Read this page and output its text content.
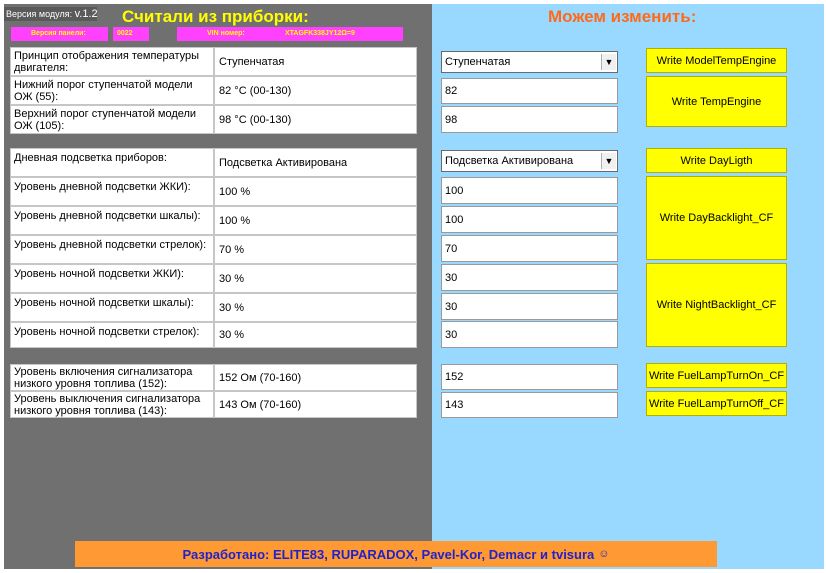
Версия модуля: v.1.2 Считали из приборки:	Можем изменить:
Версия панели:	0022	VIN номер:	XTAGFK338JY12Ω=9
Принцип отображения температуры двигателя:	Ступенчатая
Нижний порог ступенчатой модели ОЖ (55):	82 °C (00-130)
Верхний порог ступенчатой модели ОЖ (105):	98 °C (00-130)
Дневная подсветка приборов:	Подсветка Активирована
Уровень дневной подсветки ЖКИ):	100 %
Уровень дневной подсветки шкалы):	100 %
Уровень дневной подсветки стрелок):	70 %
Уровень ночной подсветки ЖКИ):	30 %
Уровень ночной подсветки шкалы):	30 %
Уровень ночной подсветки стрелок):	30 %
Уровень включения сигнализатора низкого уровня топлива (152):	152 Ом (70-160)
Уровень выключения сигнализатора низкого уровня топлива (143):	143 Ом (70-160)
Ступенчатая	▼
82
98
Подсветка Активирована	▼
100
100
70
30
30
30
152
143
Write ModelTempEngine
Write TempEngine
Write DayLigth
Write DayBacklight_CF
Write NightBacklight_CF
Write FuelLampTurnOn_CF
Write FuelLampTurnOff_CF
Разработано: ELITE83, RUPARADOX, Pavel-Kor, Demacr и tvisura ☺
